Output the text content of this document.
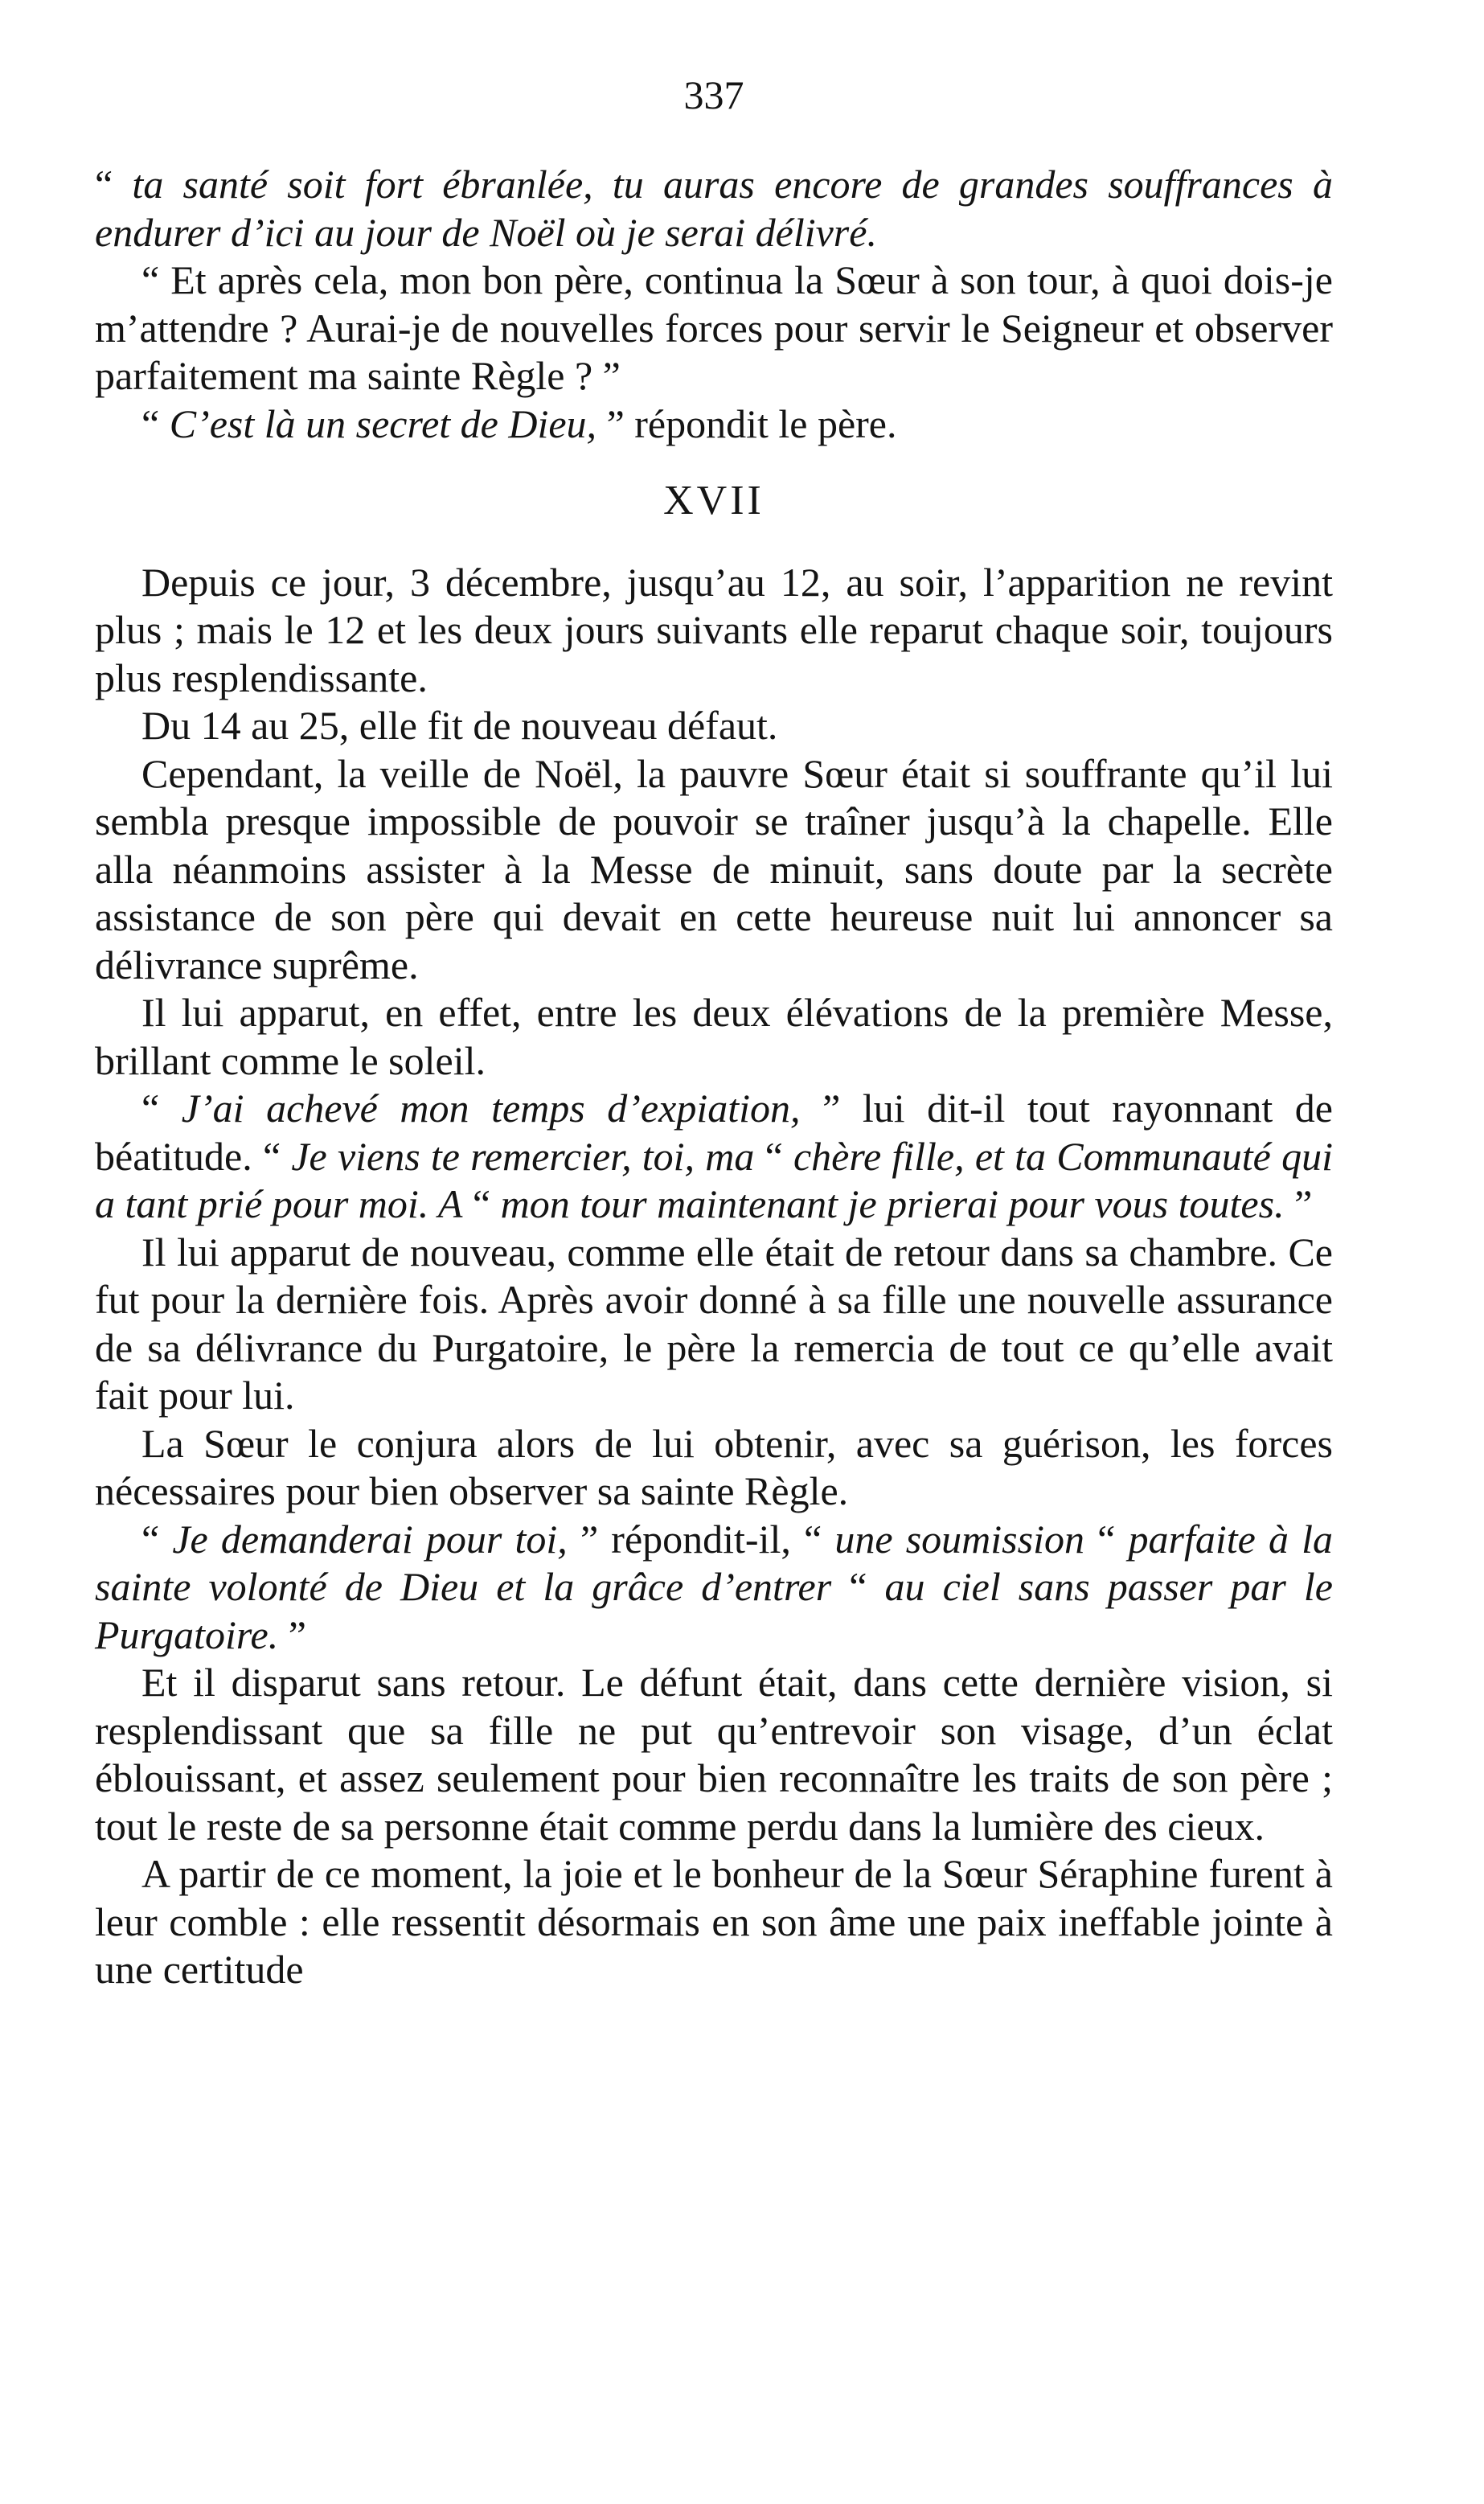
337

“ ta santé soit fort ébranlée, tu auras encore de grandes souffrances à endurer d’ici au jour de Noël où je serai délivré.

“ Et après cela, mon bon père, continua la Sœur à son tour, à quoi dois-je m’attendre ? Aurai-je de nouvelles forces pour servir le Seigneur et observer parfaitement ma sainte Règle ? ”

“ C’est là un secret de Dieu, ” répondit le père.

XVII

Depuis ce jour, 3 décembre, jusqu’au 12, au soir, l’apparition ne revint plus ; mais le 12 et les deux jours suivants elle reparut chaque soir, toujours plus resplendissante.

Du 14 au 25, elle fit de nouveau défaut.

Cependant, la veille de Noël, la pauvre Sœur était si souffrante qu’il lui sembla presque impossible de pouvoir se traîner jusqu’à la chapelle. Elle alla néanmoins assister à la Messe de minuit, sans doute par la secrète assistance de son père qui devait en cette heureuse nuit lui annoncer sa délivrance suprême.

Il lui apparut, en effet, entre les deux élévations de la première Messe, brillant comme le soleil.

“ J’ai achevé mon temps d’expiation, ” lui dit-il tout rayonnant de béatitude. “ Je viens te remercier, toi, ma “ chère fille, et ta Communauté qui a tant prié pour moi. A “ mon tour maintenant je prierai pour vous toutes. ”

Il lui apparut de nouveau, comme elle était de retour dans sa chambre. Ce fut pour la dernière fois. Après avoir donné à sa fille une nouvelle assurance de sa délivrance du Purgatoire, le père la remercia de tout ce qu’elle avait fait pour lui.

La Sœur le conjura alors de lui obtenir, avec sa guérison, les forces nécessaires pour bien observer sa sainte Règle.

“ Je demanderai pour toi, ” répondit-il, “ une soumission “ parfaite à la sainte volonté de Dieu et la grâce d’entrer “ au ciel sans passer par le Purgatoire. ”

Et il disparut sans retour. Le défunt était, dans cette dernière vision, si resplendissant que sa fille ne put qu’entrevoir son visage, d’un éclat éblouissant, et assez seulement pour bien reconnaître les traits de son père ; tout le reste de sa personne était comme perdu dans la lumière des cieux.

A partir de ce moment, la joie et le bonheur de la Sœur Séraphine furent à leur comble : elle ressentit désormais en son âme une paix ineffable jointe à une certitude
